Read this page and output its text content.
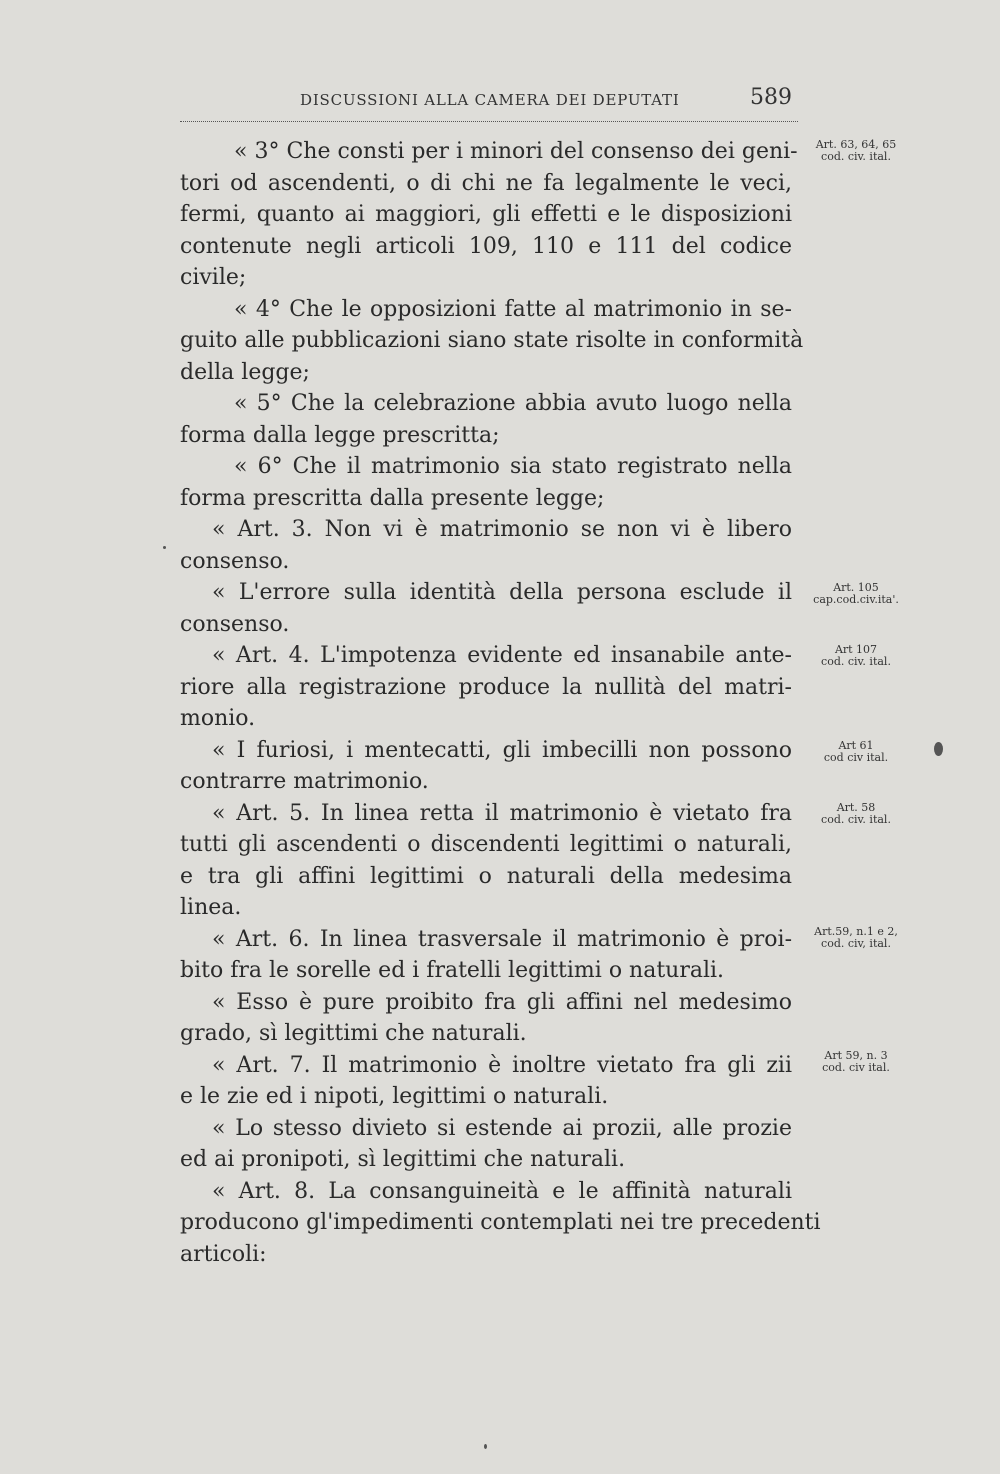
DISCUSSIONI ALLA CAMERA DEI DEPUTATI	589
« 3° Che consti per i minori del consenso dei geni-
tori od ascendenti, o di chi ne fa legalmente le veci,
fermi, quanto ai maggiori, gli effetti e le disposizioni
contenute negli articoli 109, 110 e 111 del codice
civile;
« 4° Che le opposizioni fatte al matrimonio in se-
guito alle pubblicazioni siano state risolte in conformità
della legge;
« 5° Che la celebrazione abbia avuto luogo nella
forma dalla legge prescritta;
« 6° Che il matrimonio sia stato registrato nella
forma prescritta dalla presente legge;
« Art. 3. Non vi è matrimonio se non vi è libero
consenso.
« L'errore sulla identità della persona esclude il
consenso.
« Art. 4. L'impotenza evidente ed insanabile ante-
riore alla registrazione produce la nullità del matri-
monio.
« I furiosi, i mentecatti, gli imbecilli non possono
contrarre matrimonio.
« Art. 5. In linea retta il matrimonio è vietato fra
tutti gli ascendenti o discendenti legittimi o naturali,
e tra gli affini legittimi o naturali della medesima
linea.
« Art. 6. In linea trasversale il matrimonio è proi-
bito fra le sorelle ed i fratelli legittimi o naturali.
« Esso è pure proibito fra gli affini nel medesimo
grado, sì legittimi che naturali.
« Art. 7. Il matrimonio è inoltre vietato fra gli zii
e le zie ed i nipoti, legittimi o naturali.
« Lo stesso divieto si estende ai prozii, alle prozie
ed ai pronipoti, sì legittimi che naturali.
« Art. 8. La consanguineità e le affinità naturali
producono gl'impedimenti contemplati nei tre precedenti
articoli:
Art. 63, 64, 65
cod. civ. ital.
Art. 105
cap.cod.civ.ita'.
Art 107
cod. civ. ital.
Art 61
cod civ ital.
Art. 58
cod. civ. ital.
Art.59, n.1 e 2,
cod. civ, ital.
Art 59, n. 3
cod. civ ital.
